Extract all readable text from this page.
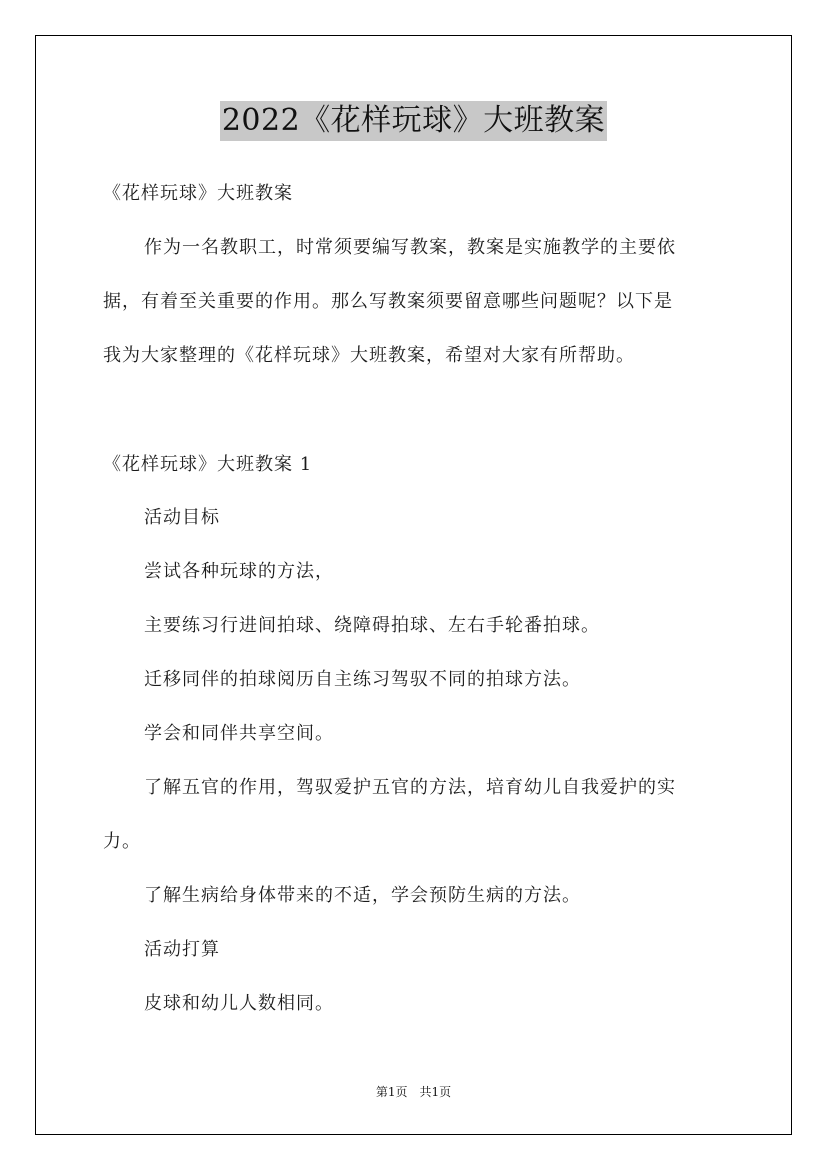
2022《花样玩球》大班教案
《花样玩球》大班教案
作为一名教职工，时常须要编写教案，教案是实施教学的主要依
据，有着至关重要的作用。那么写教案须要留意哪些问题呢？以下是
我为大家整理的《花样玩球》大班教案，希望对大家有所帮助。
《花样玩球》大班教案 1
活动目标
尝试各种玩球的方法，
主要练习行进间拍球、绕障碍拍球、左右手轮番拍球。
迁移同伴的拍球阅历自主练习驾驭不同的拍球方法。
学会和同伴共享空间。
了解五官的作用，驾驭爱护五官的方法，培育幼儿自我爱护的实
力。
了解生病给身体带来的不适，学会预防生病的方法。
活动打算
皮球和幼儿人数相同。
第1页 共1页
